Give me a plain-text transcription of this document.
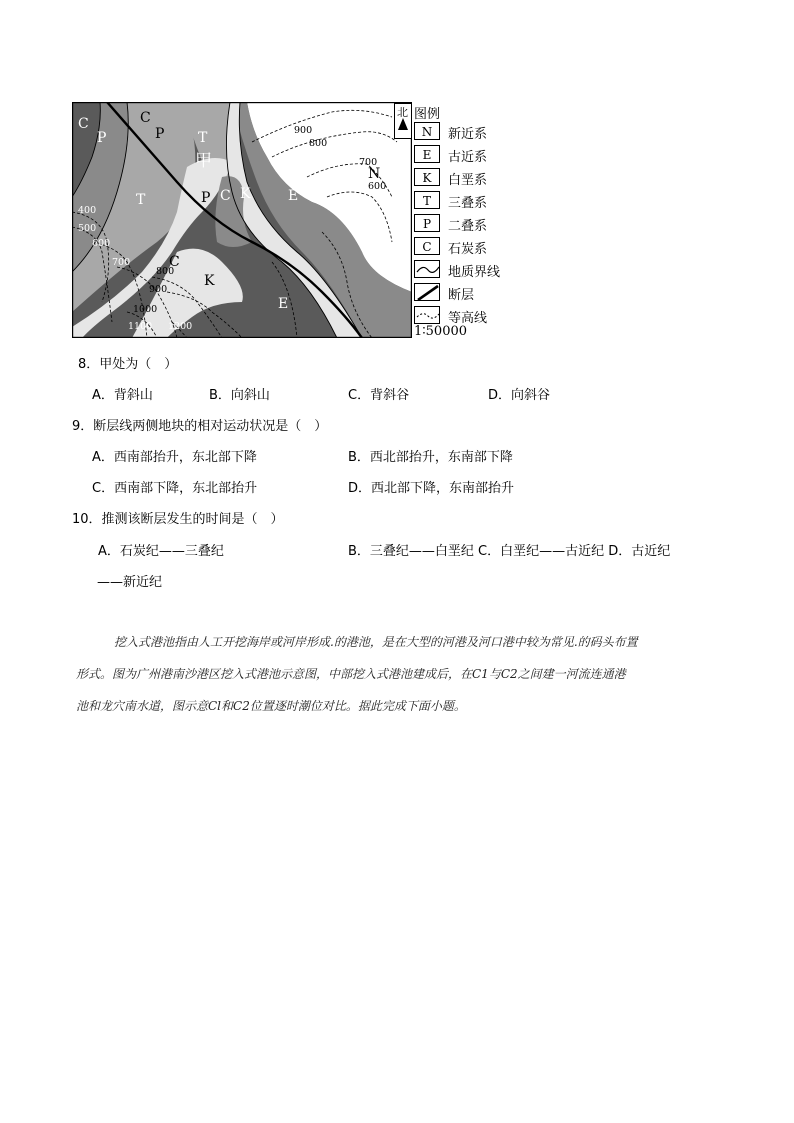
C
P
C
P T
甲
T	P C K	E
N
C
K
E
900
800
700
600
400
500
600
700
800
900
1000
1100 1200
北 图例
N	新近系
E	古近系
K	白垩系
T	三叠系
P	二叠系
C	石炭系
地质界线
断层
等高线
1∶50000
8．甲处为（　）
A．背斜山	B．向斜山	C．背斜谷	D．向斜谷
9．断层线两侧地块的相对运动状况是（　）
A．西南部抬升，东北部下降	B．西北部抬升，东南部下降
C．西南部下降，东北部抬升	D．西北部下降，东南部抬升
10．推测该断层发生的时间是（　）
A．石炭纪——三叠纪	B．三叠纪——白垩纪 C．白垩纪——古近纪 D．古近纪
——新近纪
挖入式港池指由人工开挖海岸或河岸形成.的港池，是在大型的河港及河口港中较为常见.的码头布置
形式。图为广州港南沙港区挖入式港池示意图，中部挖入式港池建成后，在C1与C2之间建一河流连通港
池和龙穴南水道，图示意Cl和C2位置逐时潮位对比。据此完成下面小题。
